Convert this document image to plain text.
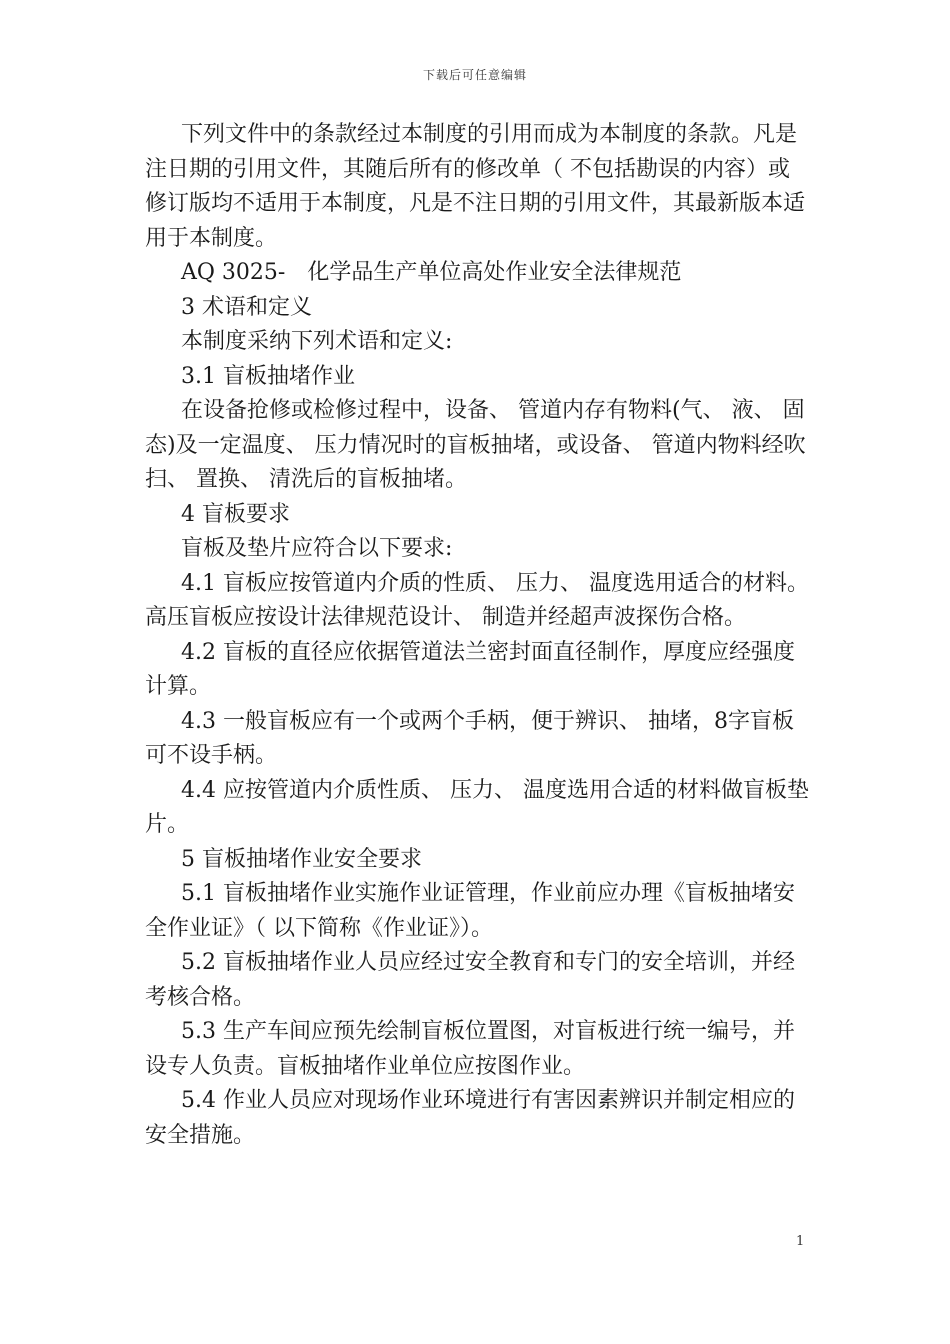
下载后可任意编辑

下列文件中的条款经过本制度的引用而成为本制度的条款。凡是注日期的引用文件，其随后所有的修改单（ 不包括勘误的内容）或修订版均不适用于本制度，凡是不注日期的引用文件，其最新版本适用于本制度。

AQ 3025-　化学品生产单位高处作业安全法律规范

3 术语和定义

本制度采纳下列术语和定义:

3.1 盲板抽堵作业

在设备抢修或检修过程中，设备、 管道内存有物料(气、 液、 固态)及一定温度、 压力情况时的盲板抽堵，或设备、 管道内物料经吹扫、 置换、 清洗后的盲板抽堵。

4 盲板要求

盲板及垫片应符合以下要求:

4.1 盲板应按管道内介质的性质、 压力、 温度选用适合的材料。高压盲板应按设计法律规范设计、 制造并经超声波探伤合格。

4.2 盲板的直径应依据管道法兰密封面直径制作，厚度应经强度计算。

4.3 一般盲板应有一个或两个手柄，便于辨识、 抽堵，8字盲板可不设手柄。

4.4 应按管道内介质性质、 压力、 温度选用合适的材料做盲板垫片。

5 盲板抽堵作业安全要求

5.1 盲板抽堵作业实施作业证管理，作业前应办理《盲板抽堵安全作业证》（ 以下简称《作业证》）。

5.2 盲板抽堵作业人员应经过安全教育和专门的安全培训，并经考核合格。

5.3 生产车间应预先绘制盲板位置图，对盲板进行统一编号，并设专人负责。盲板抽堵作业单位应按图作业。

5.4 作业人员应对现场作业环境进行有害因素辨识并制定相应的安全措施。

1
